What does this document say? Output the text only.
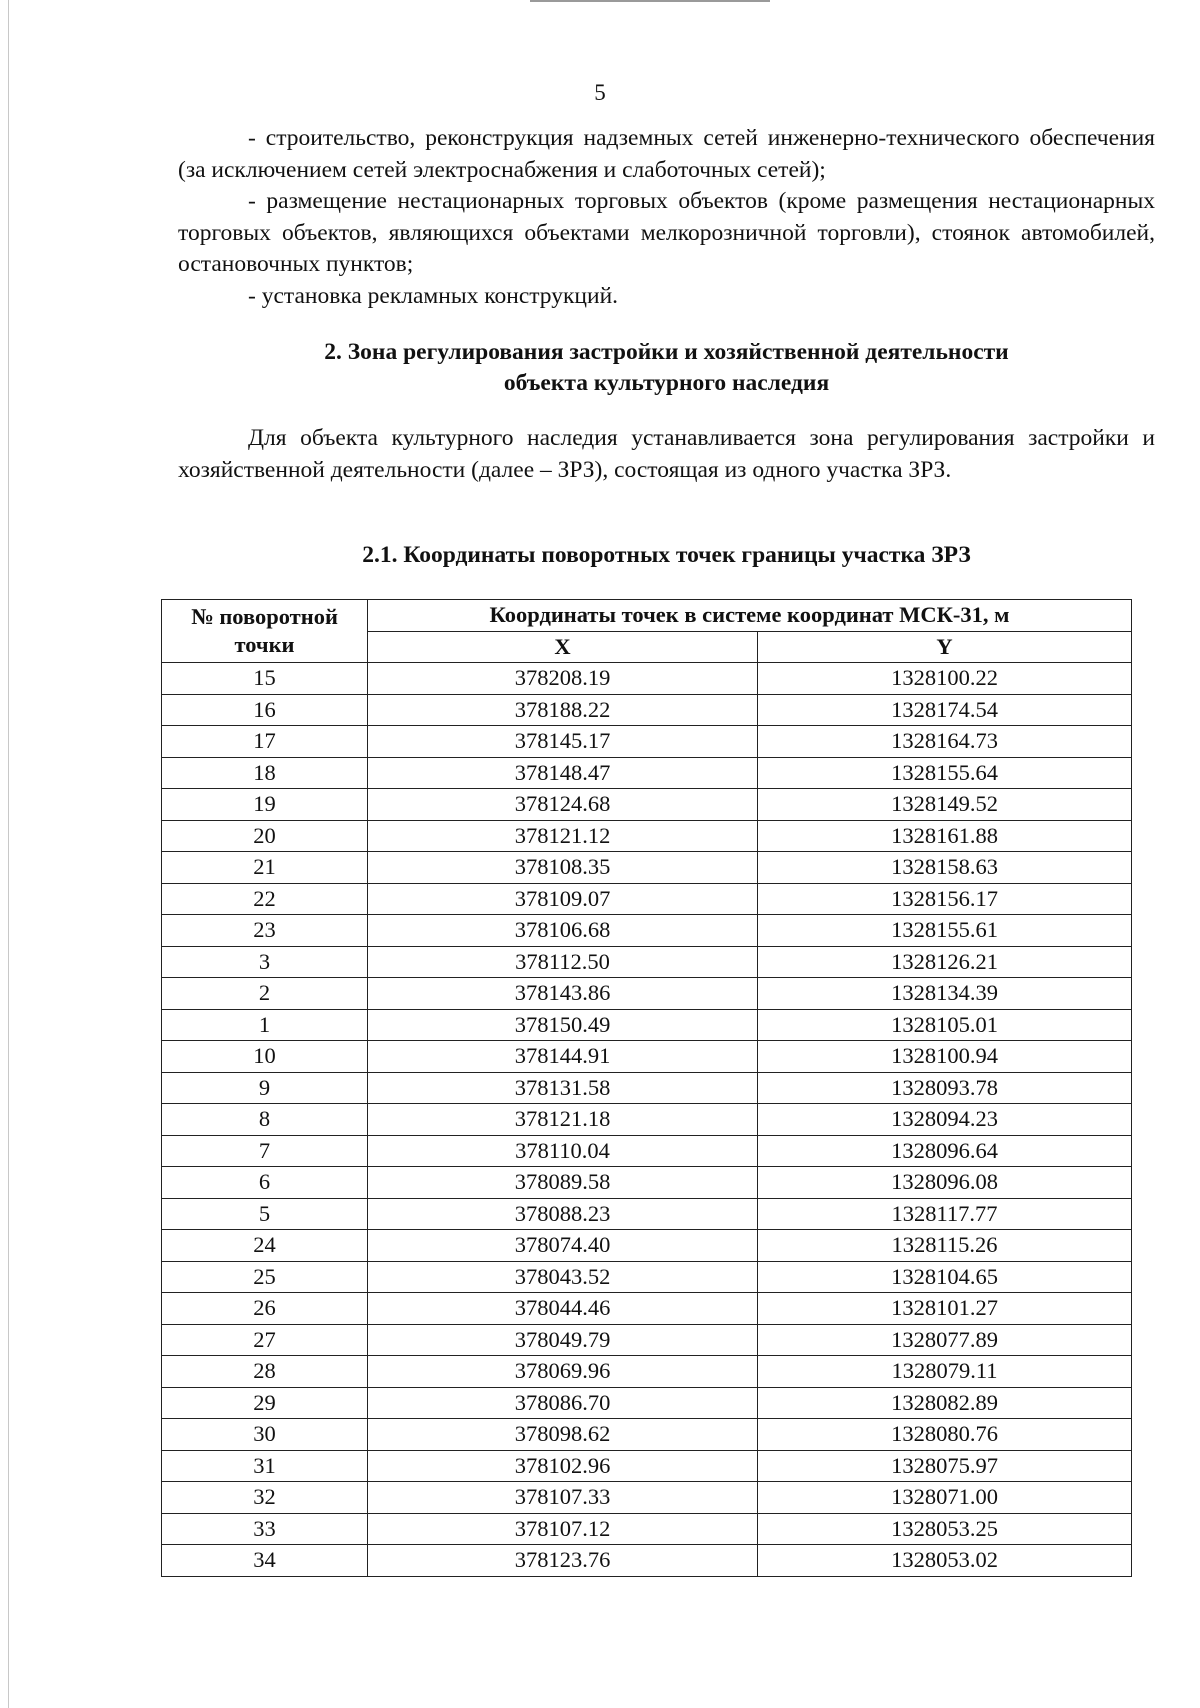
5
- строительство, реконструкция надземных сетей инженерно-технического обеспечения (за исключением сетей электроснабжения и слаботочных сетей);
- размещение нестационарных торговых объектов (кроме размещения нестационарных торговых объектов, являющихся объектами мелкорозничной торговли), стоянок автомобилей, остановочных пунктов;
- установка рекламных конструкций.
2. Зона регулирования застройки и хозяйственной деятельности
объекта культурного наследия
Для объекта культурного наследия устанавливается зона регулирования застройки и хозяйственной деятельности (далее – ЗРЗ), состоящая из одного участка ЗРЗ.
2.1. Координаты поворотных точек границы участка ЗРЗ
№ поворотной
точки	Координаты точек в системе координат МСК-31, м	
	X	Y
15	378208.19	1328100.22
16	378188.22	1328174.54
17	378145.17	1328164.73
18	378148.47	1328155.64
19	378124.68	1328149.52
20	378121.12	1328161.88
21	378108.35	1328158.63
22	378109.07	1328156.17
23	378106.68	1328155.61
3	378112.50	1328126.21
2	378143.86	1328134.39
1	378150.49	1328105.01
10	378144.91	1328100.94
9	378131.58	1328093.78
8	378121.18	1328094.23
7	378110.04	1328096.64
6	378089.58	1328096.08
5	378088.23	1328117.77
24	378074.40	1328115.26
25	378043.52	1328104.65
26	378044.46	1328101.27
27	378049.79	1328077.89
28	378069.96	1328079.11
29	378086.70	1328082.89
30	378098.62	1328080.76
31	378102.96	1328075.97
32	378107.33	1328071.00
33	378107.12	1328053.25
34	378123.76	1328053.02
